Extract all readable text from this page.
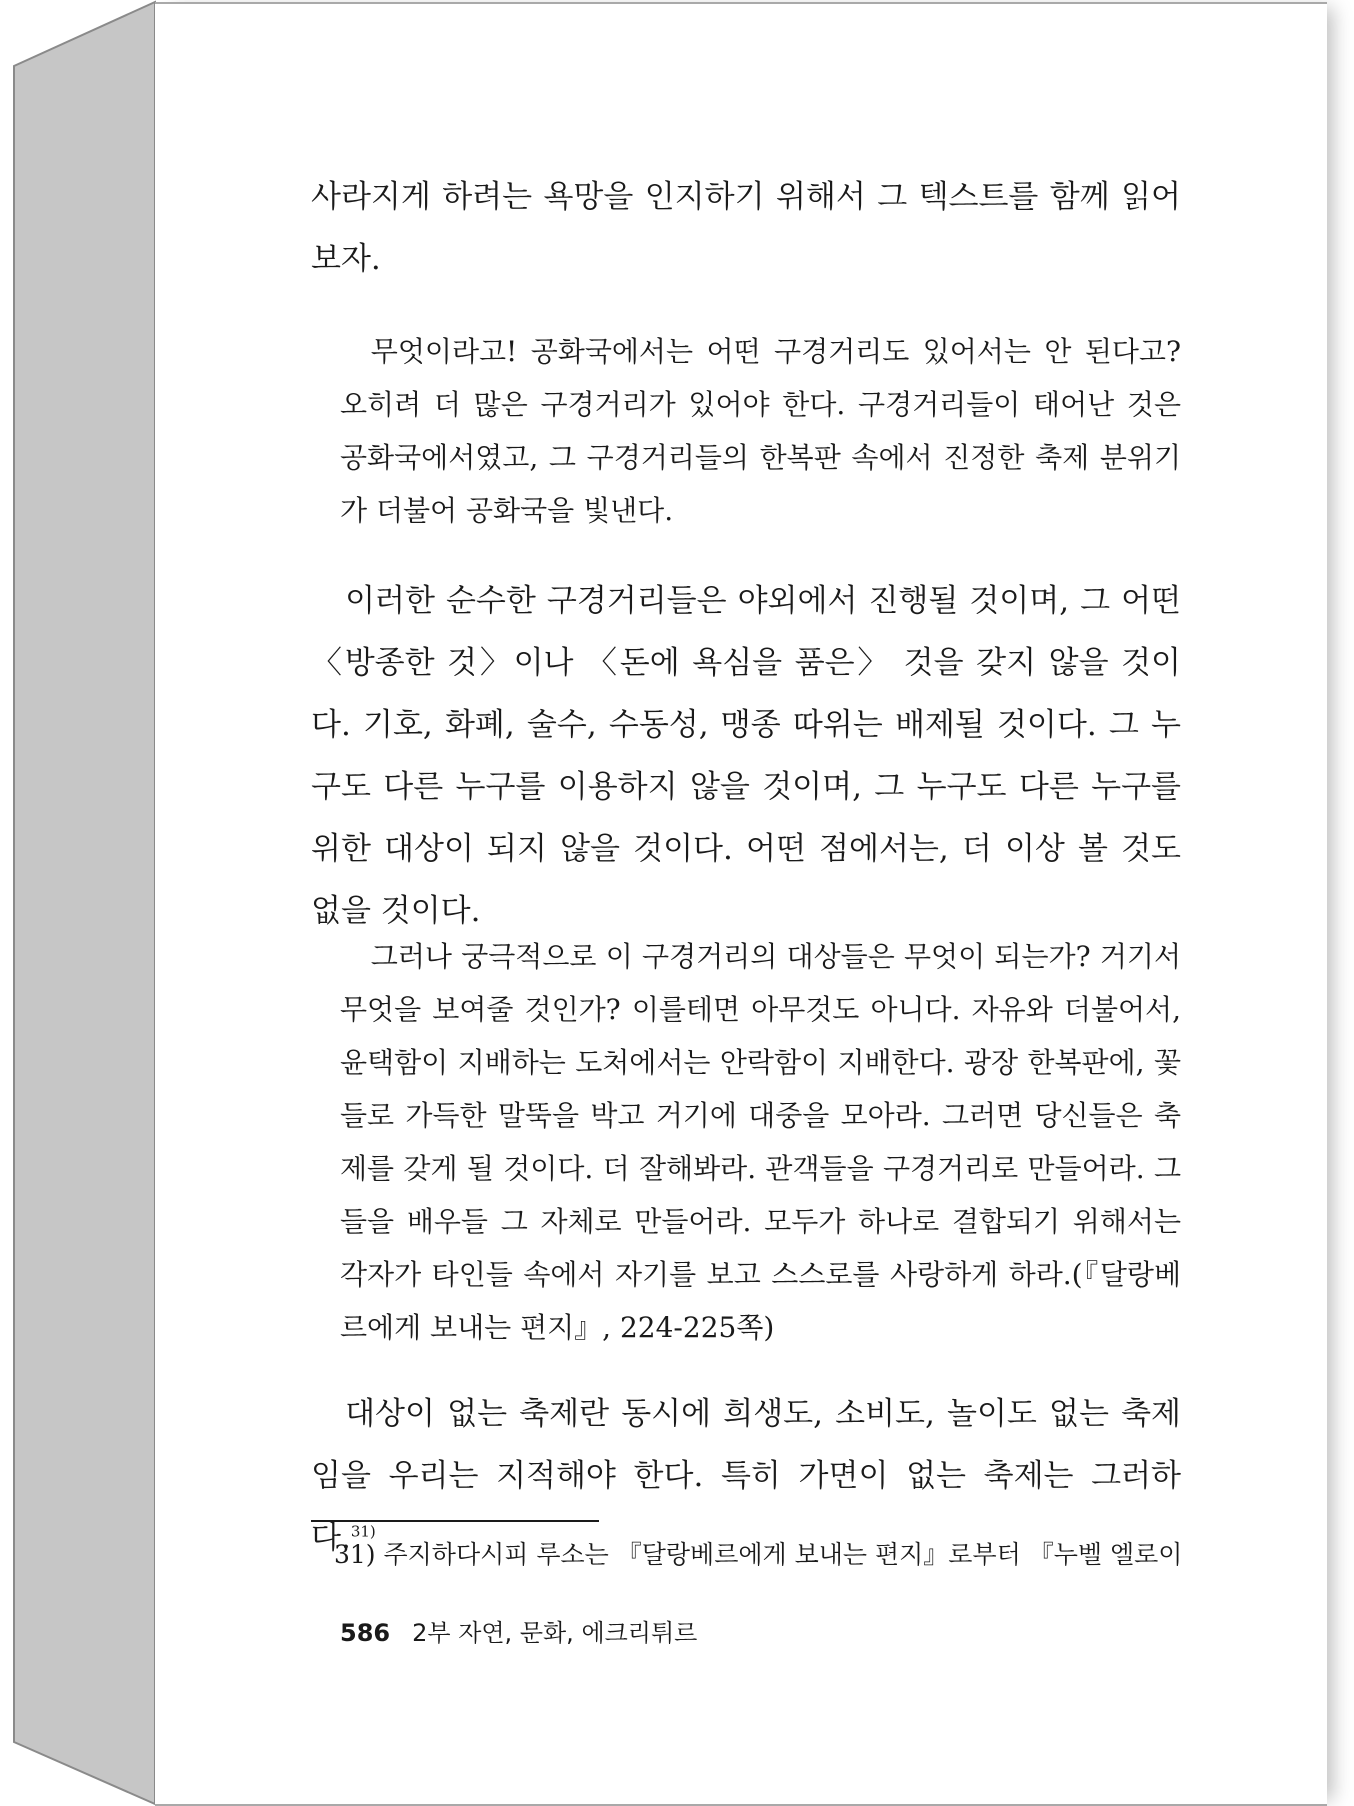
사라지게 하려는 욕망을 인지하기 위해서 그 텍스트를 함께 읽어 보자.
무엇이라고! 공화국에서는 어떤 구경거리도 있어서는 안 된다고? 오히려 더 많은 구경거리가 있어야 한다. 구경거리들이 태어난 것은 공화국에서였고, 그 구경거리들의 한복판 속에서 진정한 축제 분위기가 더불어 공화국을 빛낸다.
이러한 순수한 구경거리들은 야외에서 진행될 것이며, 그 어떤 〈방종한 것〉이나 〈돈에 욕심을 품은〉 것을 갖지 않을 것이다. 기호, 화폐, 술수, 수동성, 맹종 따위는 배제될 것이다. 그 누구도 다른 누구를 이용하지 않을 것이며, 그 누구도 다른 누구를 위한 대상이 되지 않을 것이다. 어떤 점에서는, 더 이상 볼 것도 없을 것이다.
그러나 궁극적으로 이 구경거리의 대상들은 무엇이 되는가? 거기서 무엇을 보여줄 것인가? 이를테면 아무것도 아니다. 자유와 더불어서, 윤택함이 지배하는 도처에서는 안락함이 지배한다. 광장 한복판에, 꽃들로 가득한 말뚝을 박고 거기에 대중을 모아라. 그러면 당신들은 축제를 갖게 될 것이다. 더 잘해봐라. 관객들을 구경거리로 만들어라. 그들을 배우들 그 자체로 만들어라. 모두가 하나로 결합되기 위해서는 각자가 타인들 속에서 자기를 보고 스스로를 사랑하게 하라.(『달랑베르에게 보내는 편지』, 224-225쪽)
대상이 없는 축제란 동시에 희생도, 소비도, 놀이도 없는 축제임을 우리는 지적해야 한다. 특히 가면이 없는 축제는 그러하다.$^{31)}$
31) 주지하다시피 루소는 『달랑베르에게 보내는 편지』로부터 『누벨 엘로이
586 2부 자연, 문화, 에크리튀르
